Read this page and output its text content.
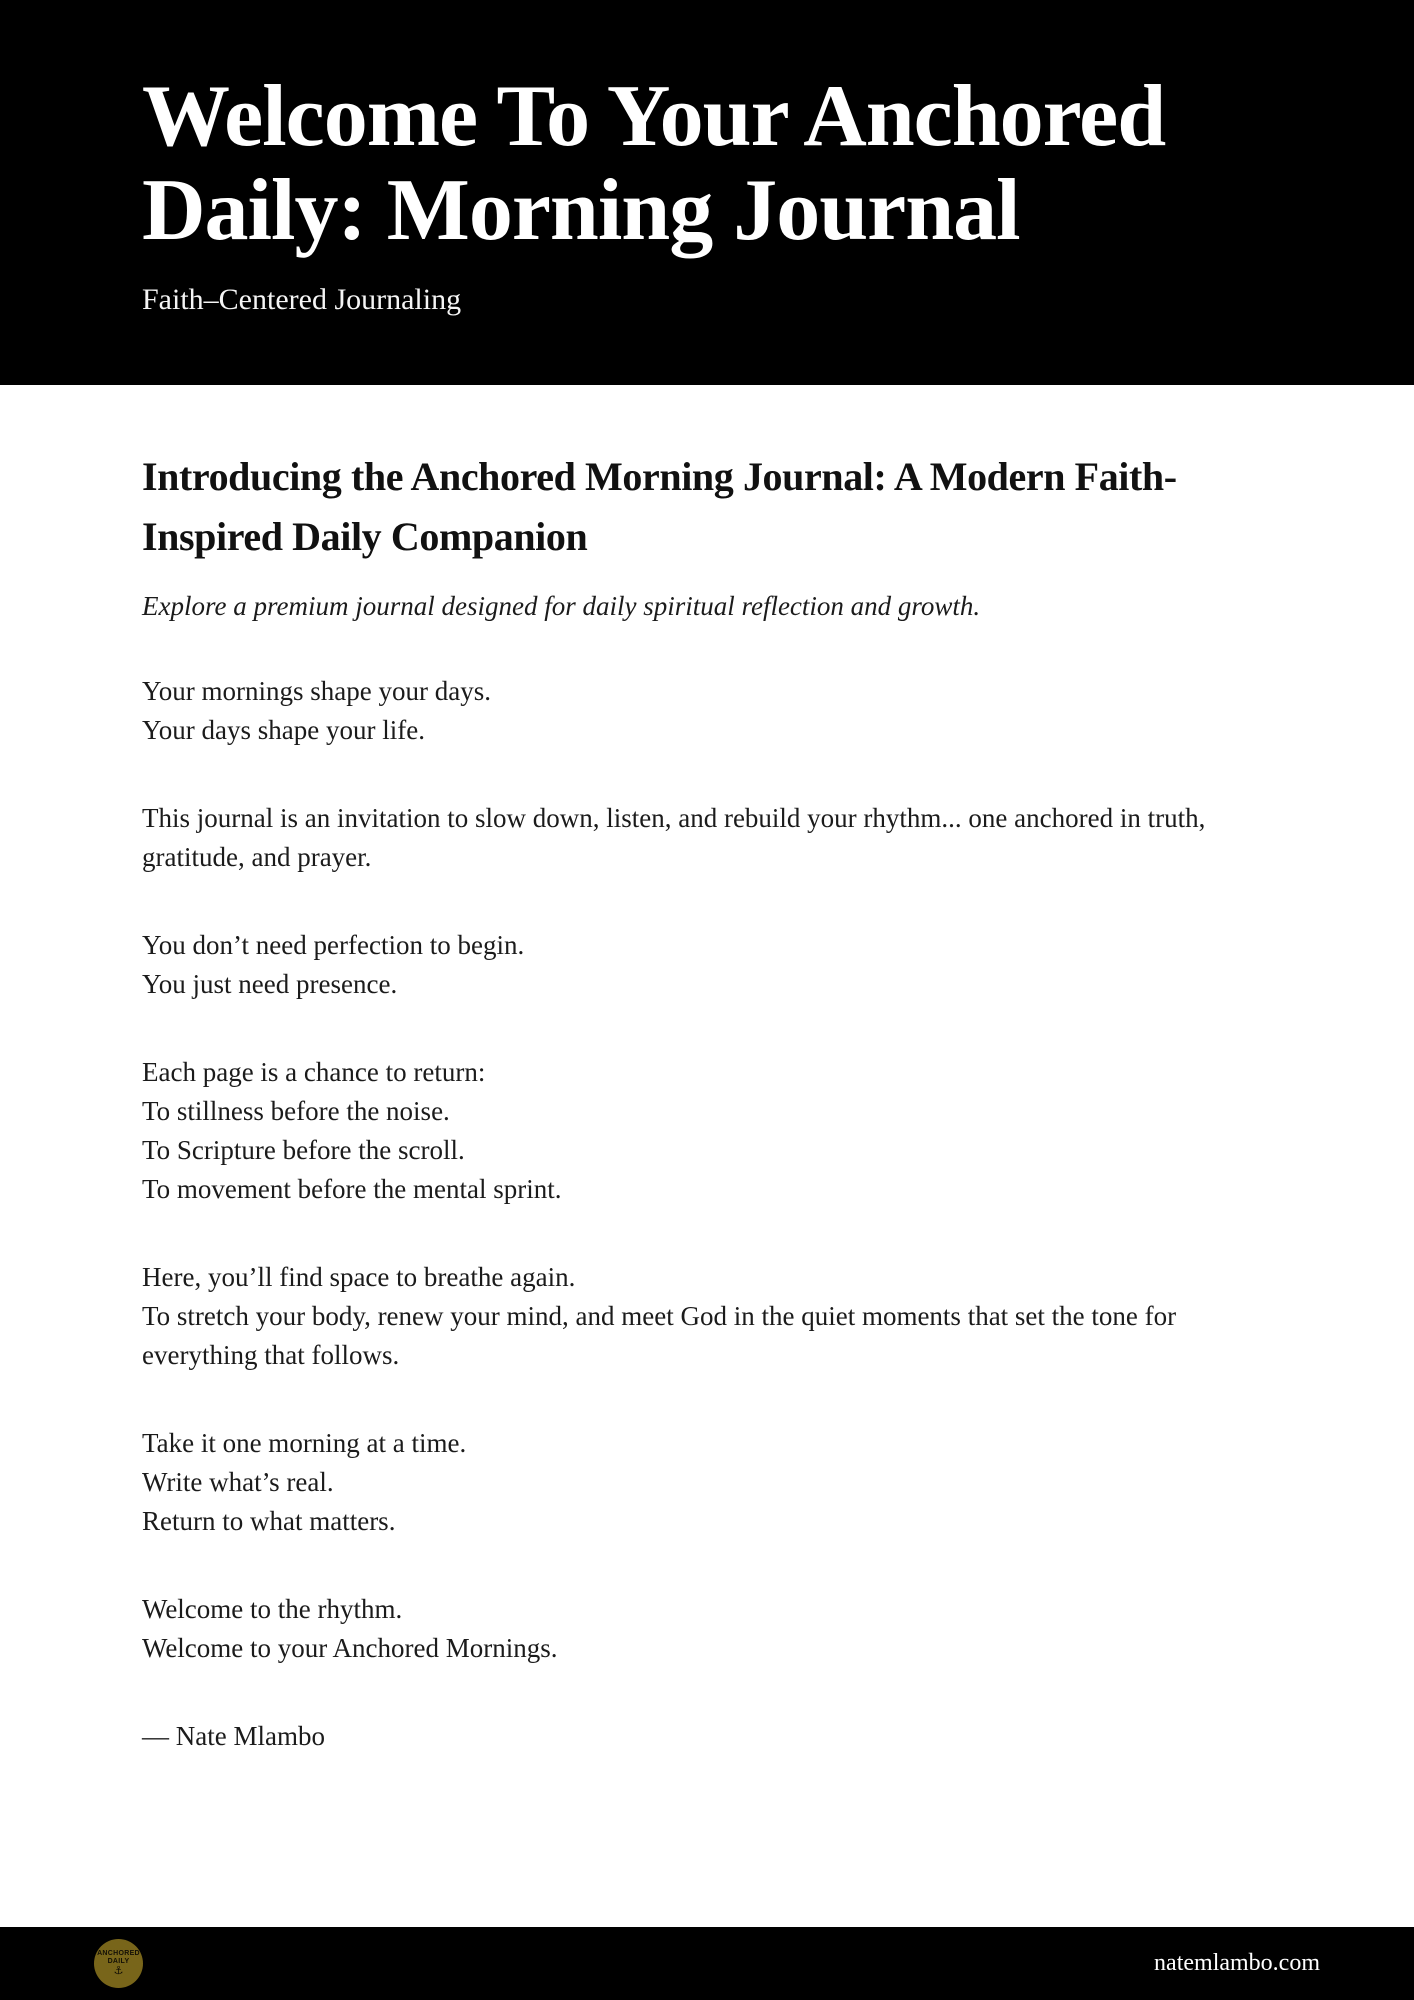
Welcome To Your Anchored
Daily: Morning Journal

Faith–Centered Journaling

Introducing the Anchored Morning Journal: A Modern Faith-
Inspired Daily Companion

Explore a premium journal designed for daily spiritual reflection and growth.

Your mornings shape your days.
Your days shape your life.

This journal is an invitation to slow down, listen, and rebuild your rhythm... one anchored in truth, gratitude, and prayer.

You don’t need perfection to begin.
You just need presence.

Each page is a chance to return:
To stillness before the noise.
To Scripture before the scroll.
To movement before the mental sprint.

Here, you’ll find space to breathe again.
To stretch your body, renew your mind, and meet God in the quiet moments that set the tone for everything that follows.

Take it one morning at a time.
Write what’s real.
Return to what matters.

Welcome to the rhythm.
Welcome to your Anchored Mornings.

— Nate Mlambo

ANCHORED
DAILY
⚓	natemlambo.com
